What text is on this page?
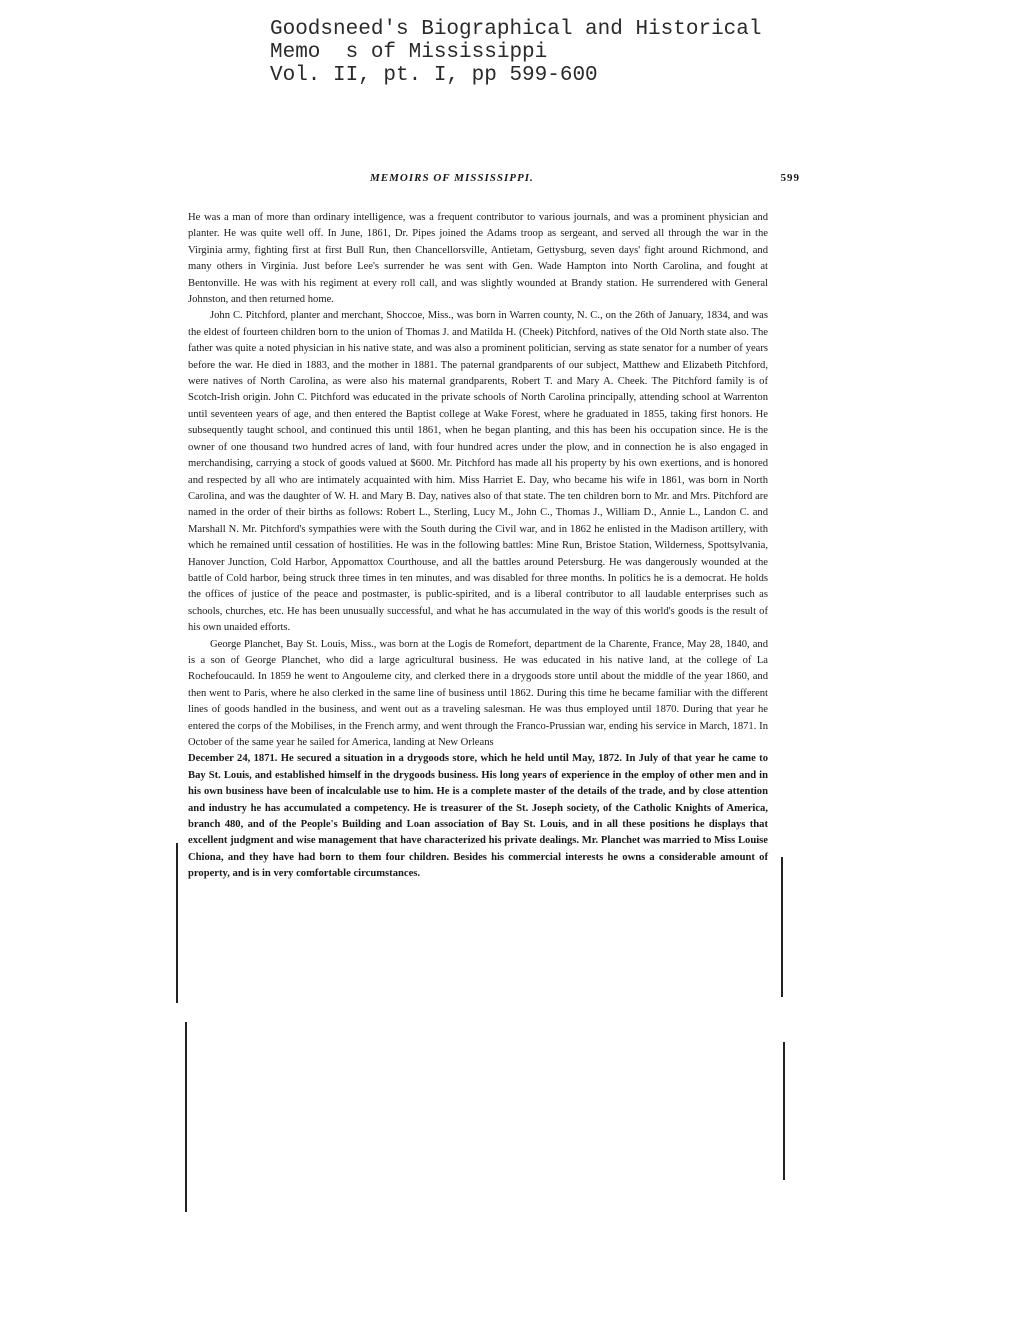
Goodsneed's Biographical and Historical
Memo  s of Mississippi
Vol. II, pt. I, pp 599-600
MEMOIRS OF MISSISSIPPI.	599

He was a man of more than ordinary intelligence, was a frequent contributor to various journals, and was a prominent physician and planter. He was quite well off. In June, 1861, Dr. Pipes joined the Adams troop as sergeant, and served all through the war in the Virginia army, fighting first at first Bull Run, then Chancellorsville, Antietam, Gettysburg, seven days' fight around Richmond, and many others in Virginia. Just before Lee's surrender he was sent with Gen. Wade Hampton into North Carolina, and fought at Bentonville. He was with his regiment at every roll call, and was slightly wounded at Brandy station. He surrendered with General Johnston, and then returned home.

John C. Pitchford, planter and merchant, Shoccoe, Miss., was born in Warren county, N. C., on the 26th of January, 1834, and was the eldest of fourteen children born to the union of Thomas J. and Matilda H. (Cheek) Pitchford, natives of the Old North state also. The father was quite a noted physician in his native state, and was also a prominent politician, serving as state senator for a number of years before the war. He died in 1883, and the mother in 1881. The paternal grandparents of our subject, Matthew and Elizabeth Pitchford, were natives of North Carolina, as were also his maternal grandparents, Robert T. and Mary A. Cheek. The Pitchford family is of Scotch-Irish origin. John C. Pitchford was educated in the private schools of North Carolina principally, attending school at Warrenton until seventeen years of age, and then entered the Baptist college at Wake Forest, where he graduated in 1855, taking first honors. He subsequently taught school, and continued this until 1861, when he began planting, and this has been his occupation since. He is the owner of one thousand two hundred acres of land, with four hundred acres under the plow, and in connection he is also engaged in merchandising, carrying a stock of goods valued at $600. Mr. Pitchford has made all his property by his own exertions, and is honored and respected by all who are intimately acquainted with him. Miss Harriet E. Day, who became his wife in 1861, was born in North Carolina, and was the daughter of W. H. and Mary B. Day, natives also of that state. The ten children born to Mr. and Mrs. Pitchford are named in the order of their births as follows: Robert L., Sterling, Lucy M., John C., Thomas J., William D., Annie L., Landon C. and Marshall N. Mr. Pitchford's sympathies were with the South during the Civil war, and in 1862 he enlisted in the Madison artillery, with which he remained until cessation of hostilities. He was in the following battles: Mine Run, Bristoe Station, Wilderness, Spottsylvania, Hanover Junction, Cold Harbor, Appomattox Courthouse, and all the battles around Petersburg. He was dangerously wounded at the battle of Cold harbor, being struck three times in ten minutes, and was disabled for three months. In politics he is a democrat. He holds the offices of justice of the peace and postmaster, is public-spirited, and is a liberal contributor to all laudable enterprises such as schools, churches, etc. He has been unusually successful, and what he has accumulated in the way of this world's goods is the result of his own unaided efforts.

George Planchet, Bay St. Louis, Miss., was born at the Logis de Romefort, department de la Charente, France, May 28, 1840, and is a son of George Planchet, who did a large agricultural business. He was educated in his native land, at the college of La Rochefoucauld. In 1859 he went to Angouleme city, and clerked there in a drygoods store until about the middle of the year 1860, and then went to Paris, where he also clerked in the same line of business until 1862. During this time he became familiar with the different lines of goods handled in the business, and went out as a traveling salesman. He was thus employed until 1870. During that year he entered the corps of the Mobilises, in the French army, and went through the Franco-Prussian war, ending his service in March, 1871. In October of the same year he sailed for America, landing at New Orleans

December 24, 1871. He secured a situation in a drygoods store, which he held until May, 1872. In July of that year he came to Bay St. Louis, and established himself in the drygoods business. His long years of experience in the employ of other men and in his own business have been of incalculable use to him. He is a complete master of the details of the trade, and by close attention and industry he has accumulated a competency. He is treasurer of the St. Joseph society, of the Catholic Knights of America, branch 480, and of the People's Building and Loan association of Bay St. Louis, and in all these positions he displays that excellent judgment and wise management that have characterized his private dealings. Mr. Planchet was married to Miss Louise Chiona, and they have had born to them four children. Besides his commercial interests he owns a considerable amount of property, and is in very comfortable circumstances.
